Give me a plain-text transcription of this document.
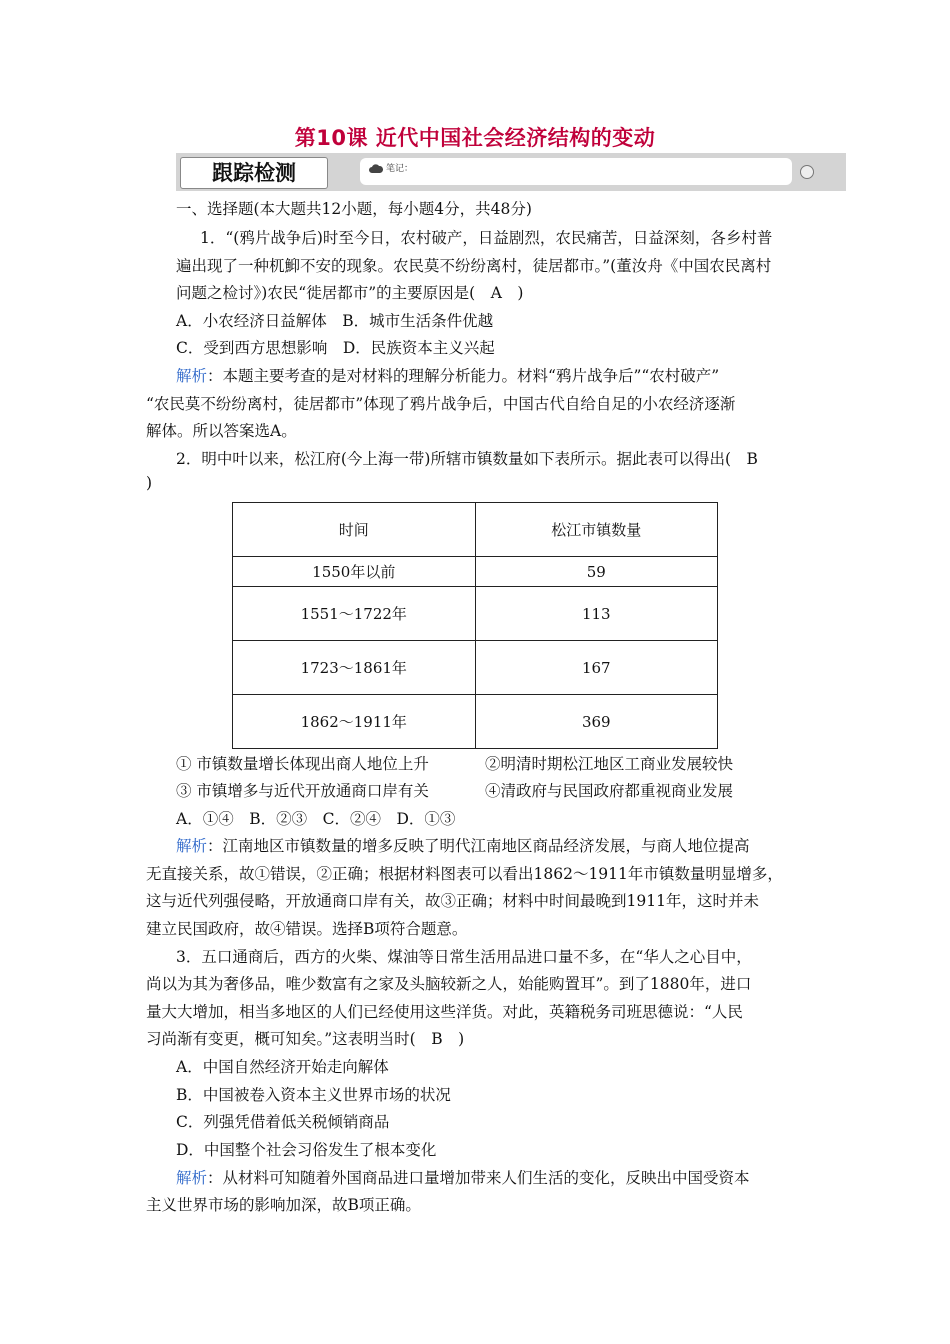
第10课 近代中国社会经济结构的变动
跟踪检测	笔记：
一、选择题(本大题共12小题，每小题4分，共48分)
1．“(鸦片战争后)时至今日，农村破产，日益剧烈，农民痛苦，日益深刻，各乡村普
遍出现了一种杌鮣不安的现象。农民莫不纷纷离村，徒居都市。”(董汝舟《中国农民离村
问题之检讨》)农民“徙居都市”的主要原因是(　A　)
A．小农经济日益解体　B．城市生活条件优越
C．受到西方思想影响　D．民族资本主义兴起
解析：本题主要考查的是对材料的理解分析能力。材料“鸦片战争后”“农村破产”
“农民莫不纷纷离村，徒居都市”体现了鸦片战争后，中国古代自给自足的小农经济逐渐
解体。所以答案选A。
2．明中叶以来，松江府(今上海一带)所辖市镇数量如下表所示。据此表可以得出(　B
)
时间	松江市镇数量
1550年以前	59
1551～1722年	113
1723～1861年	167
1862～1911年	369
① 市镇数量增长体现出商人地位上升	②明清时期松江地区工商业发展较快
③ 市镇增多与近代开放通商口岸有关	④清政府与民国政府都重视商业发展
A．①④　B．②③　C．②④　D．①③
解析：江南地区市镇数量的增多反映了明代江南地区商品经济发展，与商人地位提高
无直接关系，故①错误，②正确；根据材料图表可以看出1862～1911年市镇数量明显增多，
这与近代列强侵略，开放通商口岸有关，故③正确；材料中时间最晚到1911年，这时并未
建立民国政府，故④错误。选择B项符合题意。
3．五口通商后，西方的火柴、煤油等日常生活用品进口量不多，在“华人之心目中，
尚以为其为奢侈品，唯少数富有之家及头脑较新之人，始能购置耳”。到了1880年，进口
量大大增加，相当多地区的人们已经使用这些洋货。对此，英籍税务司班思德说：“人民
习尚渐有变更，概可知矣。”这表明当时(　B　)
A．中国自然经济开始走向解体
B．中国被卷入资本主义世界市场的状况
C．列强凭借着低关税倾销商品
D．中国整个社会习俗发生了根本变化
解析：从材料可知随着外国商品进口量增加带来人们生活的变化，反映出中国受资本
主义世界市场的影响加深，故B项正确。
